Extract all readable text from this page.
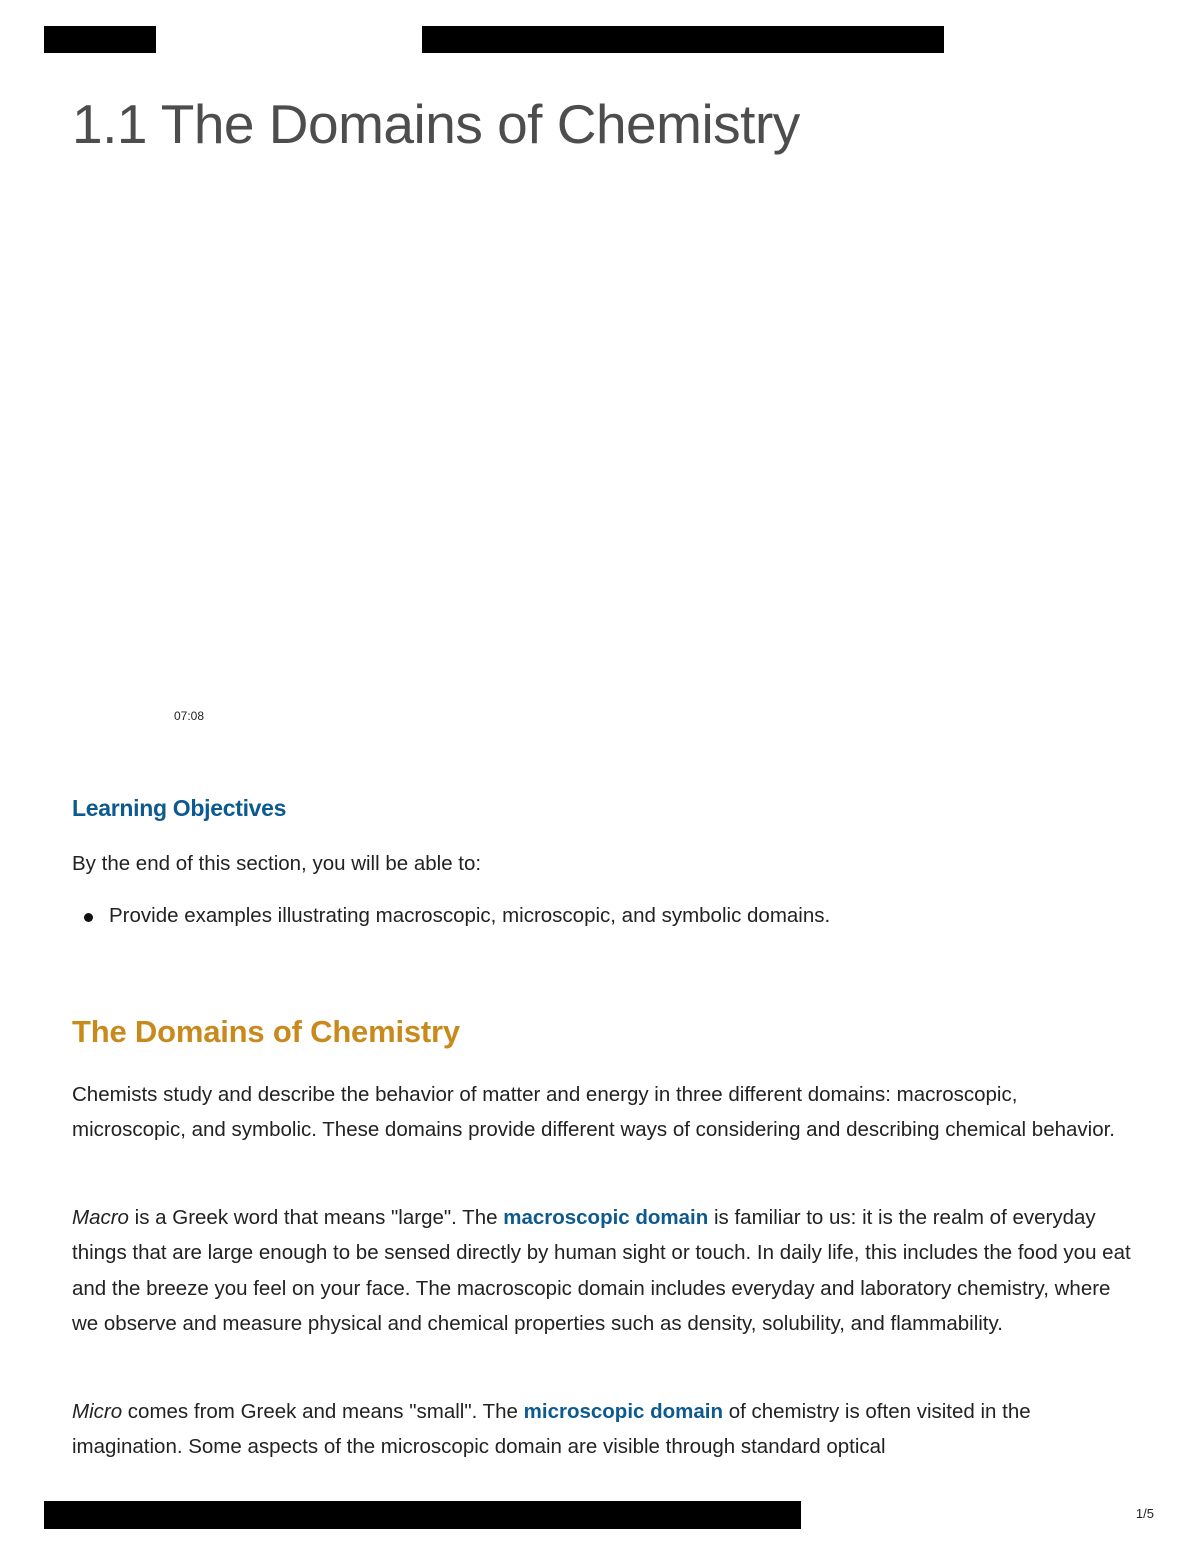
1.1 The Domains of Chemistry
07:08
Learning Objectives

By the end of this section, you will be able to:

Provide examples illustrating macroscopic, microscopic, and symbolic domains.
The Domains of Chemistry

Chemists study and describe the behavior of matter and energy in three different domains: macroscopic, microscopic, and symbolic. These domains provide different ways of considering and describing chemical behavior.

Macro is a Greek word that means "large". The macroscopic domain is familiar to us: it is the realm of everyday things that are large enough to be sensed directly by human sight or touch. In daily life, this includes the food you eat and the breeze you feel on your face. The macroscopic domain includes everyday and laboratory chemistry, where we observe and measure physical and chemical properties such as density, solubility, and flammability.

Micro comes from Greek and means "small". The microscopic domain of chemistry is often visited in the imagination. Some aspects of the microscopic domain are visible through standard optical

1/5
